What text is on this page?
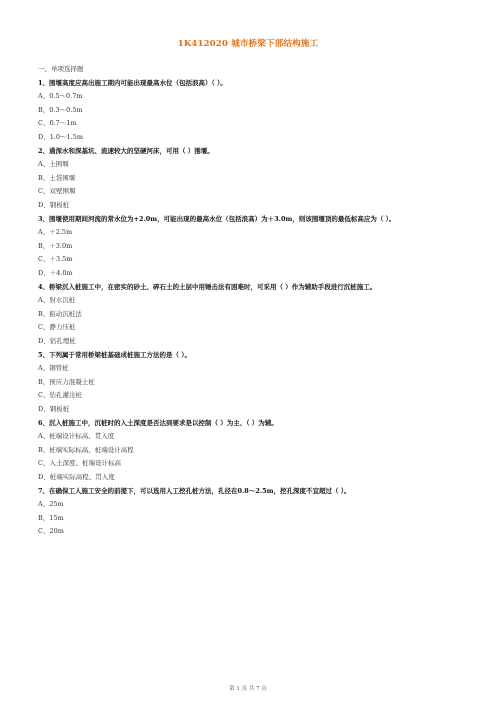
1K412020 城市桥梁下部结构施工
一、单项选择题
1、围堰高度应高出施工期内可能出现最高水位（包括浪高）（ ）。
A、0.5～0.7m
B、0.3～0.5m
C、0.7～1m
D、1.0～1.5m
2、通深水和深基坑、流速较大的坚硬河床，可用（ ）围堰。
A、土围堰
B、土袋围堰
C、双壁围堰
D、钢板桩
3、围堰使用期间河流的常水位为+2.0m，可能出现的最高水位（包括浪高）为＋3.0m，则该围堰顶的最低标高应为（ ）。
A、＋2.5m
B、＋3.0m
C、＋3.5m
D、＋4.0m
4、桥梁沉入桩施工中，在密实的砂土、碎石土的土层中用锤击法有困难时，可采用（ ）作为辅助手段进行沉桩施工。
A、射水沉桩
B、振动沉桩法
C、静力压桩
D、钻孔埋桩
5、下列属于常用桥梁桩基础成桩施工方法的是（ ）。
A、钢管桩
B、预应力混凝土桩
C、钻孔灌注桩
D、钢板桩
6、沉入桩施工中，沉桩时的入土深度是否达到要求是以控制（ ）为主、（ ）为辅。
A、桩端设计标高、贯入度
B、桩端实际标高、桩端设计高程
C、入土深度、桩端设计标高
D、桩端实际高程、贯入度
7、在确保工人施工安全的前提下，可以选用人工挖孔桩方法，孔径在0.8～2.5m，挖孔深度不宜超过（ ）。
A、25m
B、15m
C、20m
第 1 页 共 7 页
